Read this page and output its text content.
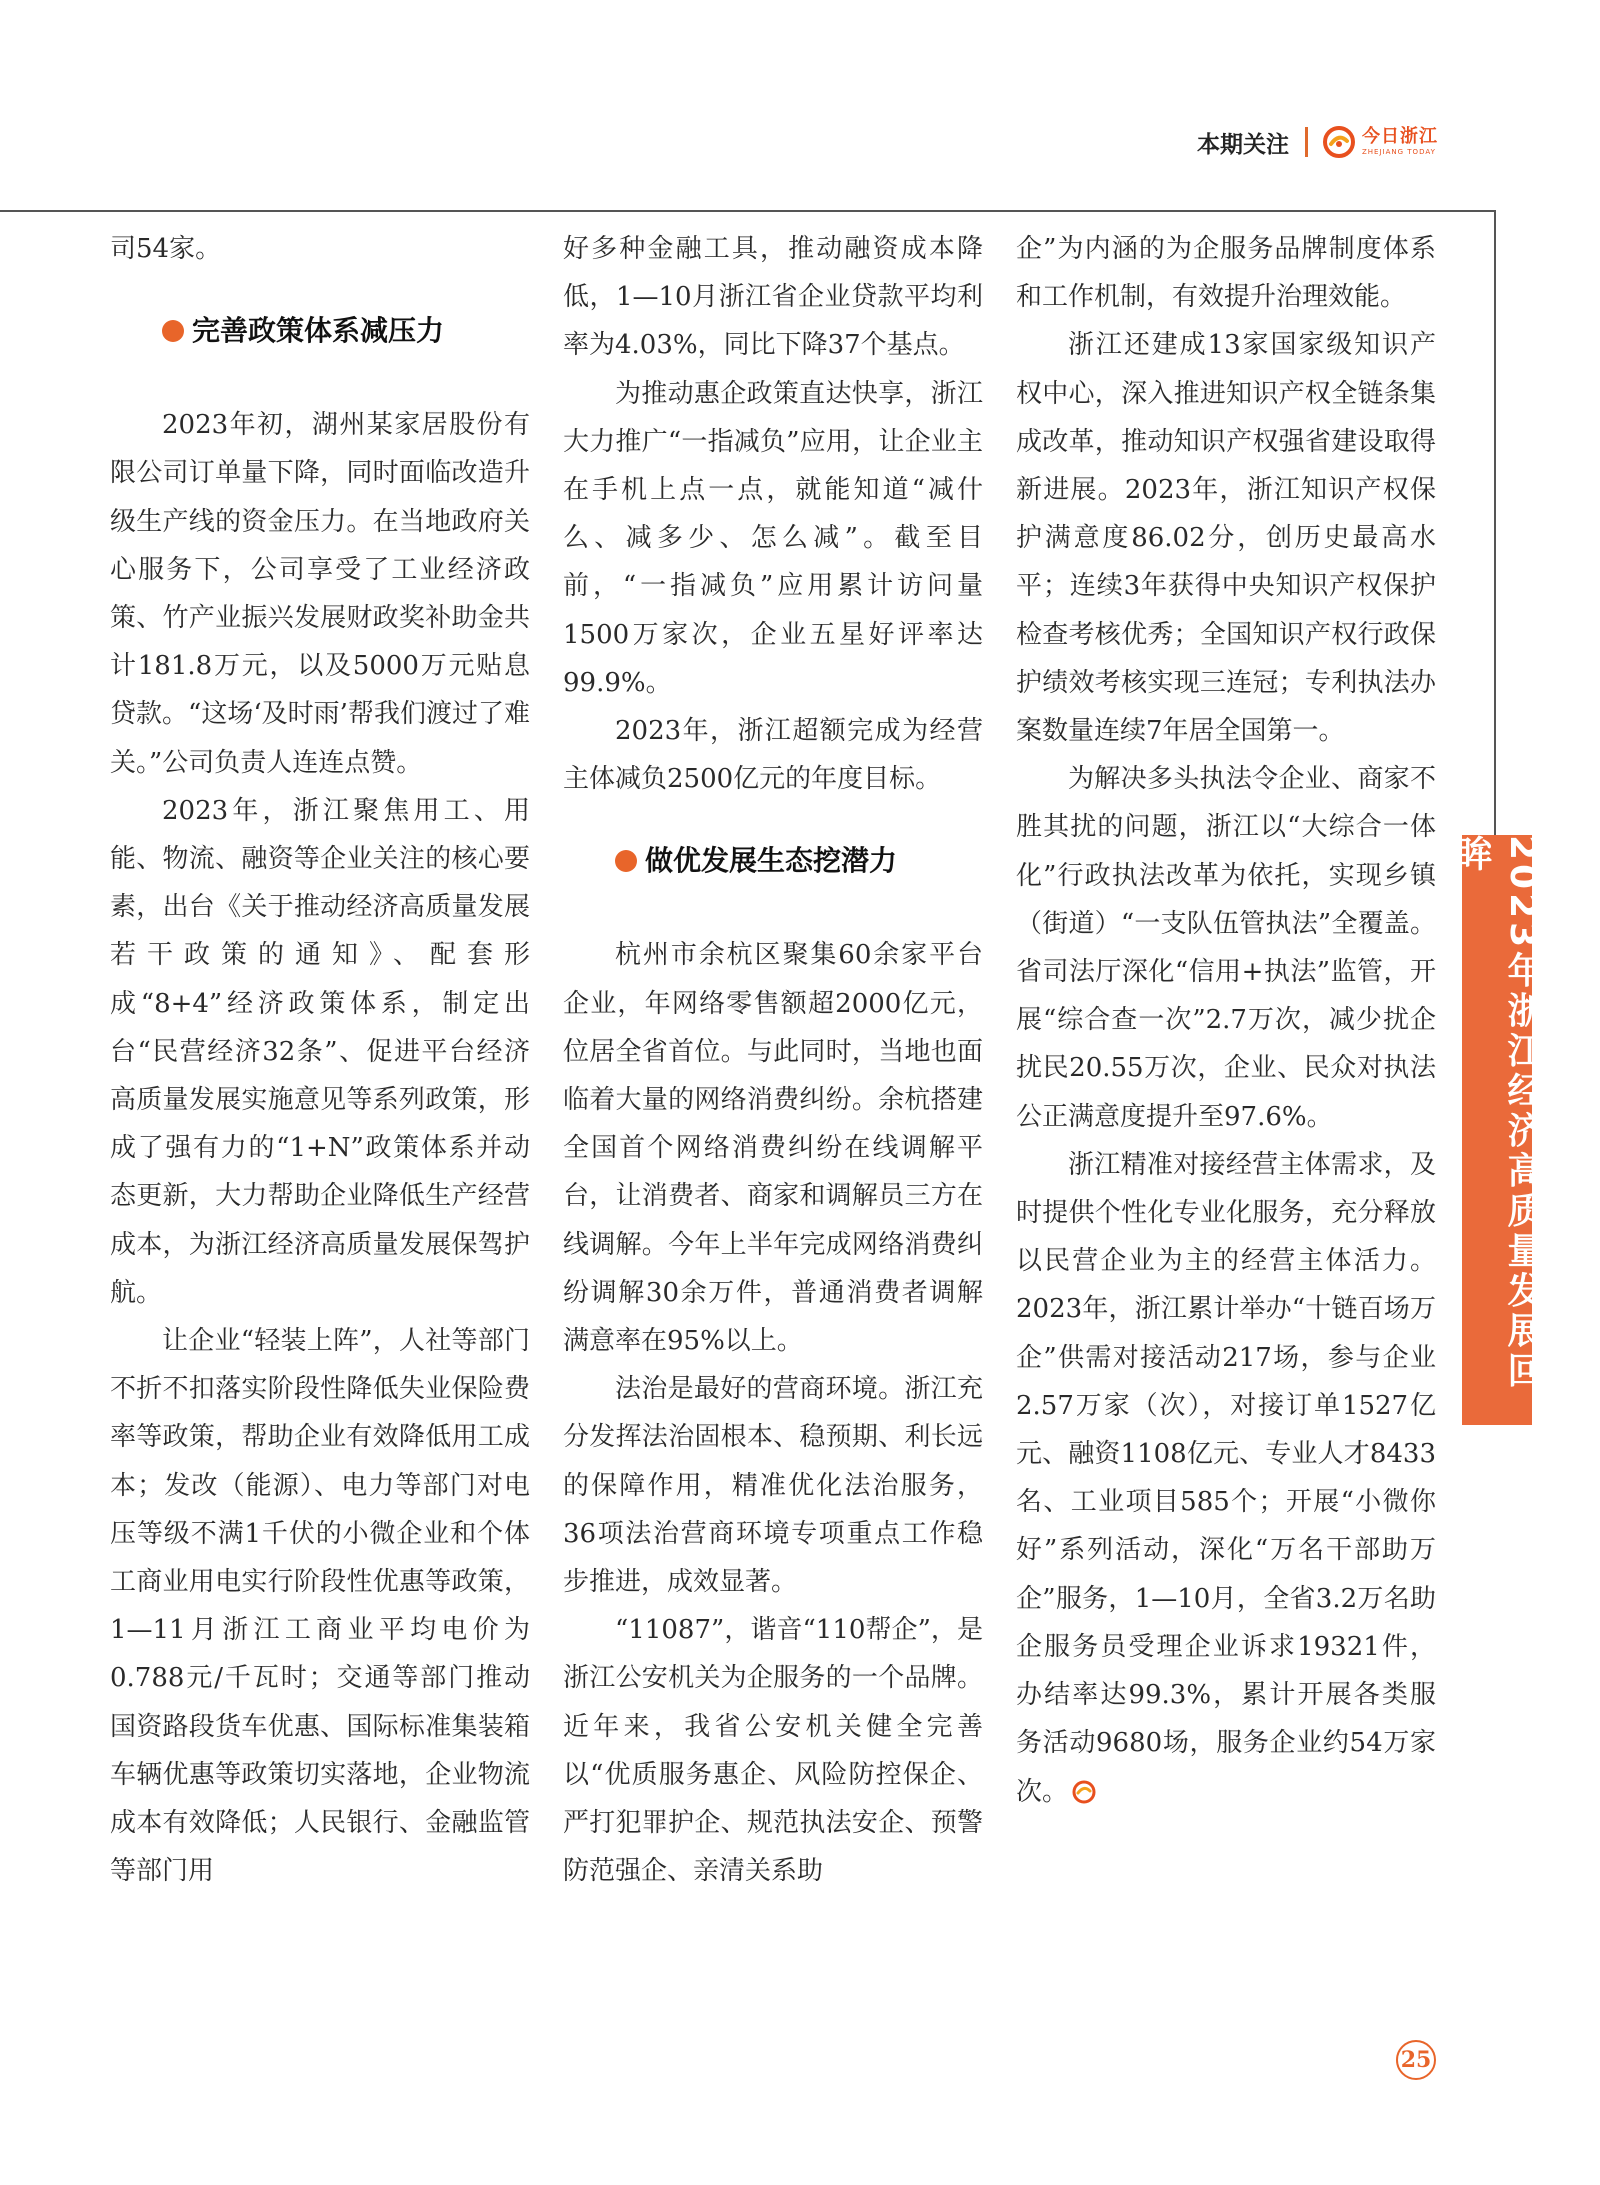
本期关注	今日浙江
ZHEJIANG TODAY

司54家。

完善政策体系减压力

2023年初，湖州某家居股份有限公司订单量下降，同时面临改造升级生产线的资金压力。在当地政府关心服务下，公司享受了工业经济政策、竹产业振兴发展财政奖补助金共计181.8万元，以及5000万元贴息贷款。“这场‘及时雨’帮我们渡过了难关。”公司负责人连连点赞。

2023年，浙江聚焦用工、用能、物流、融资等企业关注的核心要素，出台《关于推动经济高质量发展若干政策的通知》、配套形成“8+4”经济政策体系，制定出台“民营经济32条”、促进平台经济高质量发展实施意见等系列政策，形成了强有力的“1+N”政策体系并动态更新，大力帮助企业降低生产经营成本，为浙江经济高质量发展保驾护航。

让企业“轻装上阵”，人社等部门不折不扣落实阶段性降低失业保险费率等政策，帮助企业有效降低用工成本；发改（能源）、电力等部门对电压等级不满1千伏的小微企业和个体工商业用电实行阶段性优惠等政策，1—11月浙江工商业平均电价为0.788元/千瓦时；交通等部门推动国资路段货车优惠、国际标准集装箱车辆优惠等政策切实落地，企业物流成本有效降低；人民银行、金融监管等部门用

好多种金融工具，推动融资成本降低，1—10月浙江省企业贷款平均利率为4.03%，同比下降37个基点。

为推动惠企政策直达快享，浙江大力推广“一指减负”应用，让企业主在手机上点一点，就能知道“减什么、减多少、怎么减”。截至目前，“一指减负”应用累计访问量1500万家次，企业五星好评率达99.9%。

2023年，浙江超额完成为经营主体减负2500亿元的年度目标。

做优发展生态挖潜力

杭州市余杭区聚集60余家平台企业，年网络零售额超2000亿元，位居全省首位。与此同时，当地也面临着大量的网络消费纠纷。余杭搭建全国首个网络消费纠纷在线调解平台，让消费者、商家和调解员三方在线调解。今年上半年完成网络消费纠纷调解30余万件，普通消费者调解满意率在95%以上。

法治是最好的营商环境。浙江充分发挥法治固根本、稳预期、利长远的保障作用，精准优化法治服务，36项法治营商环境专项重点工作稳步推进，成效显著。

“11087”，谐音“110帮企”，是浙江公安机关为企服务的一个品牌。近年来，我省公安机关健全完善以“优质服务惠企、风险防控保企、严打犯罪护企、规范执法安企、预警防范强企、亲清关系助

企”为内涵的为企服务品牌制度体系和工作机制，有效提升治理效能。

浙江还建成13家国家级知识产权中心，深入推进知识产权全链条集成改革，推动知识产权强省建设取得新进展。2023年，浙江知识产权保护满意度86.02分，创历史最高水平；连续3年获得中央知识产权保护检查考核优秀；全国知识产权行政保护绩效考核实现三连冠；专利执法办案数量连续7年居全国第一。

为解决多头执法令企业、商家不胜其扰的问题，浙江以“大综合一体化”行政执法改革为依托，实现乡镇（街道）“一支队伍管执法”全覆盖。省司法厅深化“信用+执法”监管，开展“综合查一次”2.7万次，减少扰企扰民20.55万次，企业、民众对执法公正满意度提升至97.6%。

浙江精准对接经营主体需求，及时提供个性化专业化服务，充分释放以民营企业为主的经营主体活力。2023年，浙江累计举办“十链百场万企”供需对接活动217场，参与企业2.57万家（次），对接订单1527亿元、融资1108亿元、专业人才8433名、工业项目585个；开展“小微你好”系列活动，深化“万名干部助万企”服务，1—10月，全省3.2万名助企服务员受理企业诉求19321件，办结率达99.3%，累计开展各类服务活动9680场，服务企业约54万家次。

2023年浙江经济高质量发展回眸
25
